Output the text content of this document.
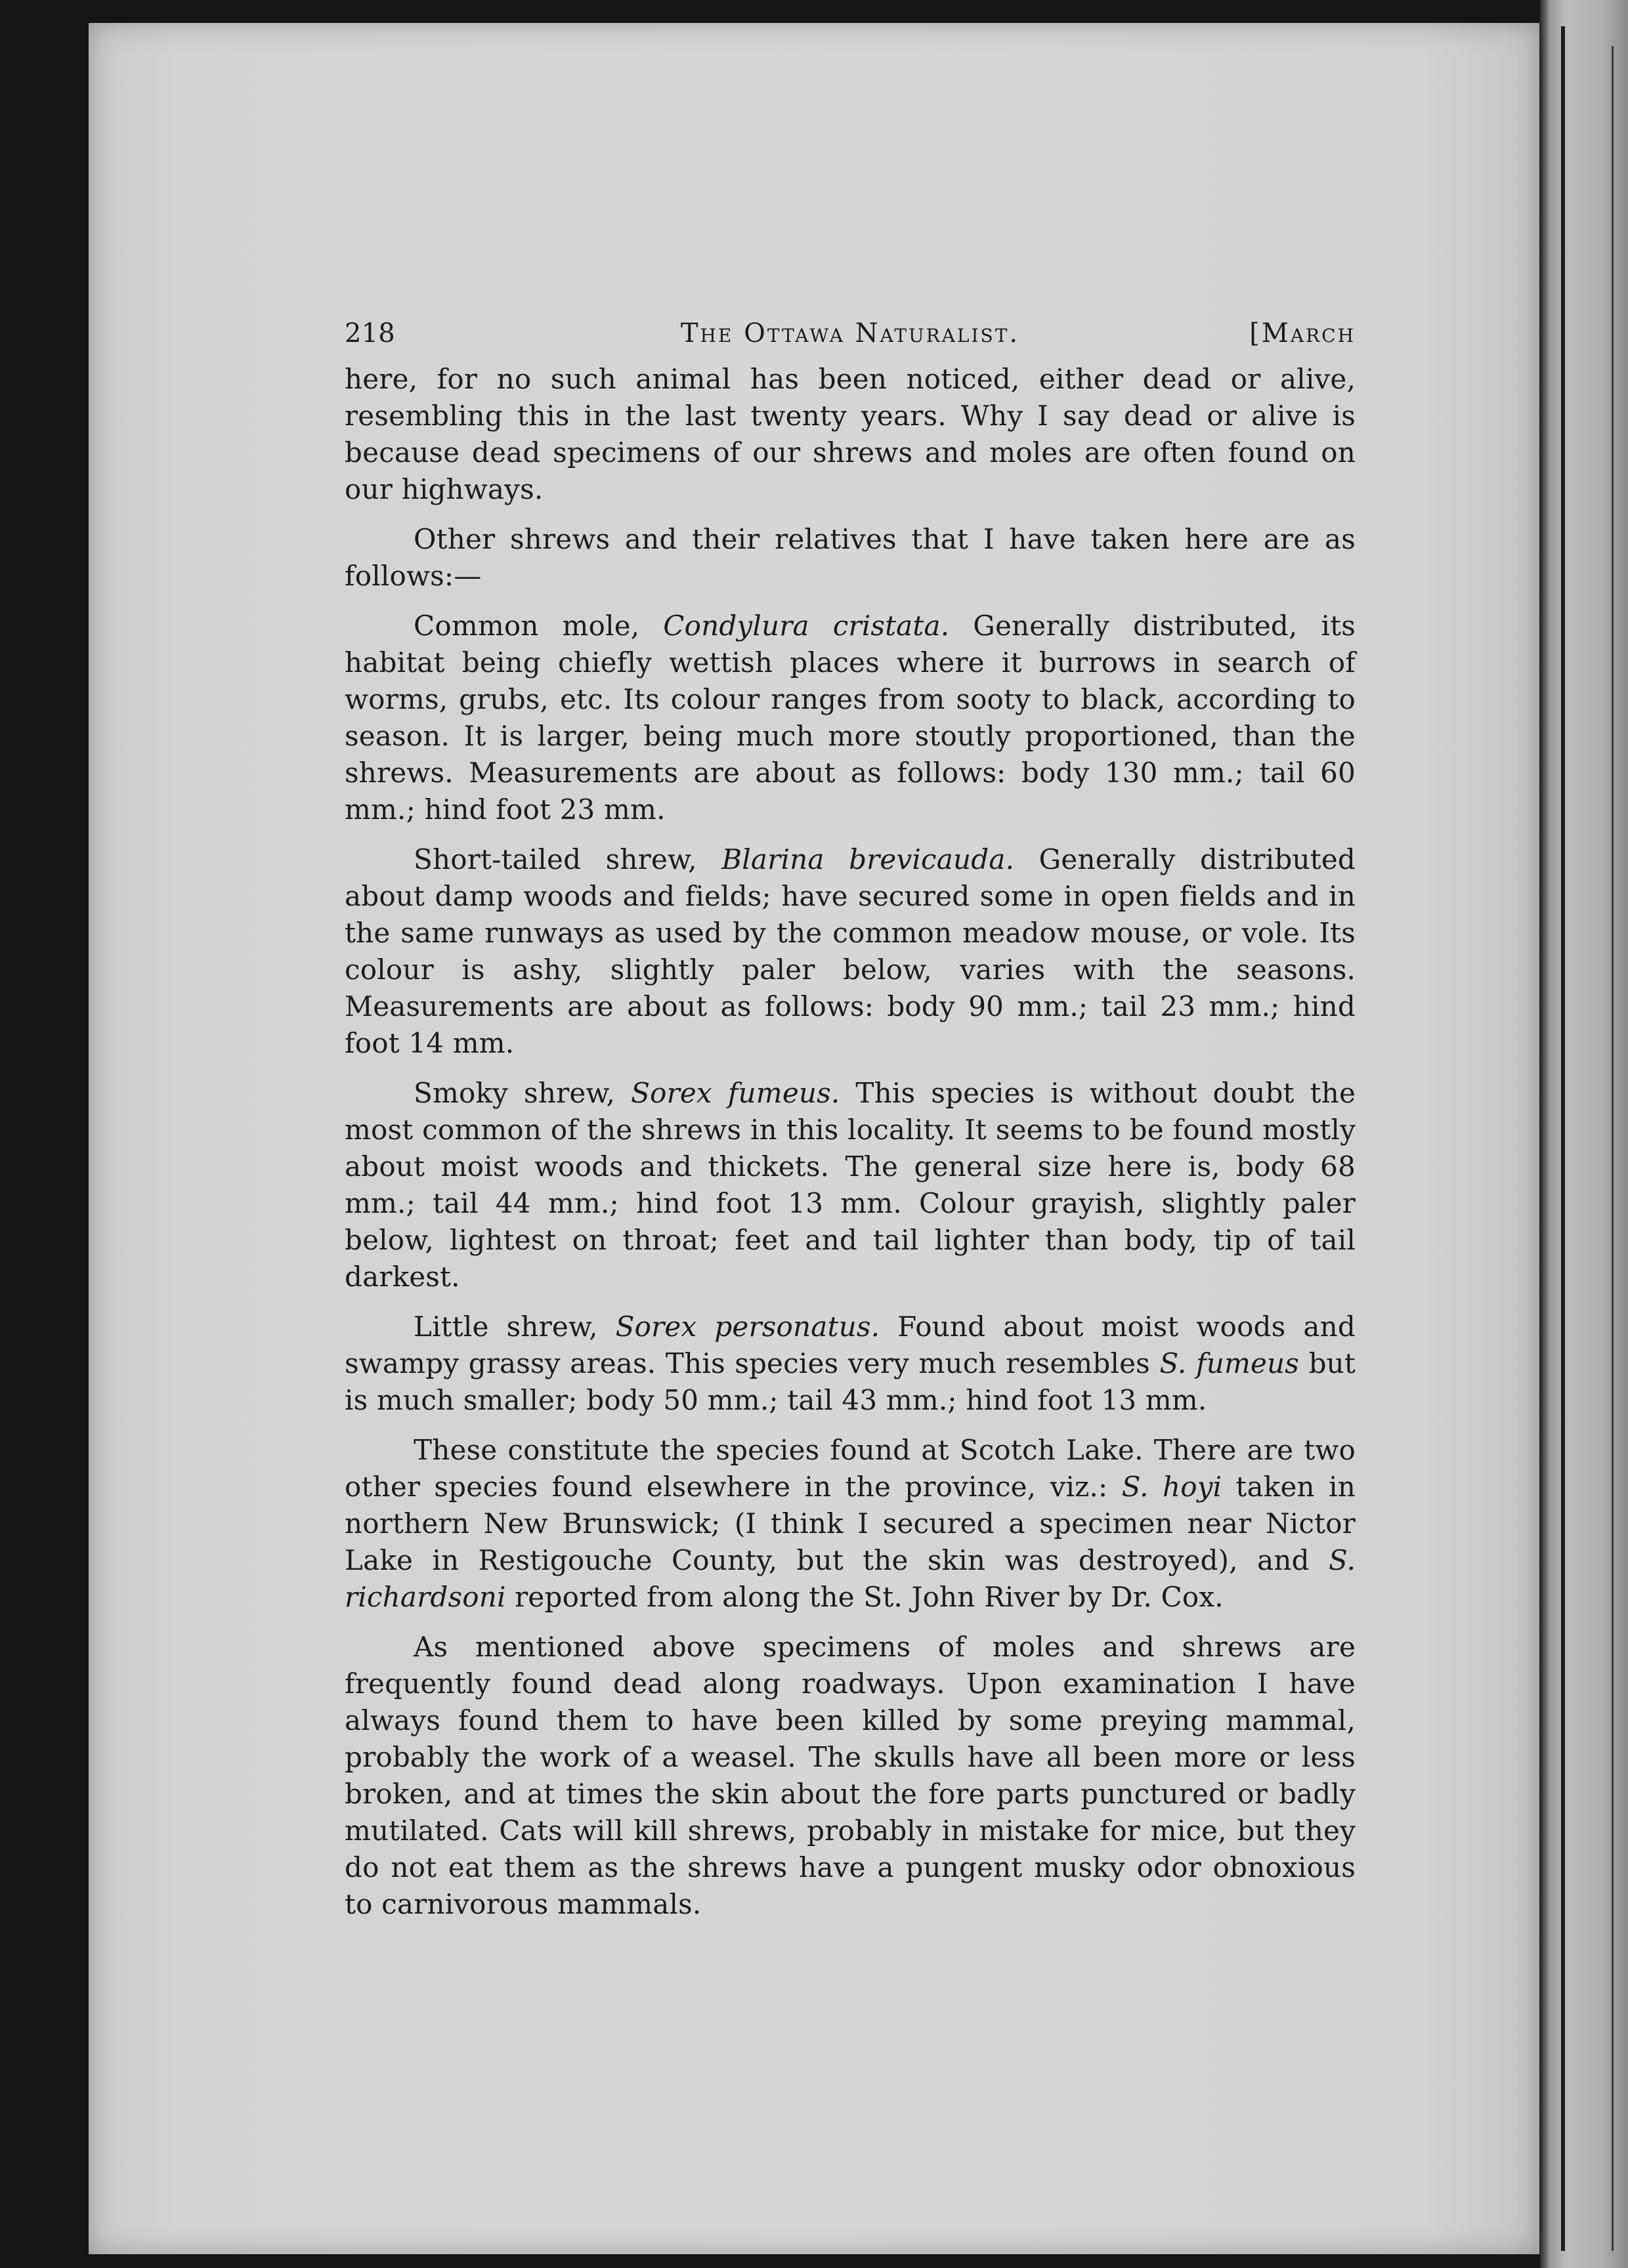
218	The Ottawa Naturalist.	[March

here, for no such animal has been noticed, either dead or alive, resembling this in the last twenty years. Why I say dead or alive is because dead specimens of our shrews and moles are often found on our highways.

Other shrews and their relatives that I have taken here are as follows:—

Common mole, Condylura cristata. Generally distributed, its habitat being chiefly wettish places where it burrows in search of worms, grubs, etc. Its colour ranges from sooty to black, according to season. It is larger, being much more stoutly proportioned, than the shrews. Measurements are about as follows: body 130 mm.; tail 60 mm.; hind foot 23 mm.

Short-tailed shrew, Blarina brevicauda. Generally distributed about damp woods and fields; have secured some in open fields and in the same runways as used by the common meadow mouse, or vole. Its colour is ashy, slightly paler below, varies with the seasons. Measurements are about as follows: body 90 mm.; tail 23 mm.; hind foot 14 mm.

Smoky shrew, Sorex fumeus. This species is without doubt the most common of the shrews in this locality. It seems to be found mostly about moist woods and thickets. The general size here is, body 68 mm.; tail 44 mm.; hind foot 13 mm. Colour grayish, slightly paler below, lightest on throat; feet and tail lighter than body, tip of tail darkest.

Little shrew, Sorex personatus. Found about moist woods and swampy grassy areas. This species very much resembles S. fumeus but is much smaller; body 50 mm.; tail 43 mm.; hind foot 13 mm.

These constitute the species found at Scotch Lake. There are two other species found elsewhere in the province, viz.: S. hoyi taken in northern New Brunswick; (I think I secured a specimen near Nictor Lake in Restigouche County, but the skin was destroyed), and S. richardsoni reported from along the St. John River by Dr. Cox.

As mentioned above specimens of moles and shrews are frequently found dead along roadways. Upon examination I have always found them to have been killed by some preying mammal, probably the work of a weasel. The skulls have all been more or less broken, and at times the skin about the fore parts punctured or badly mutilated. Cats will kill shrews, probably in mistake for mice, but they do not eat them as the shrews have a pungent musky odor obnoxious to carnivorous mammals.
